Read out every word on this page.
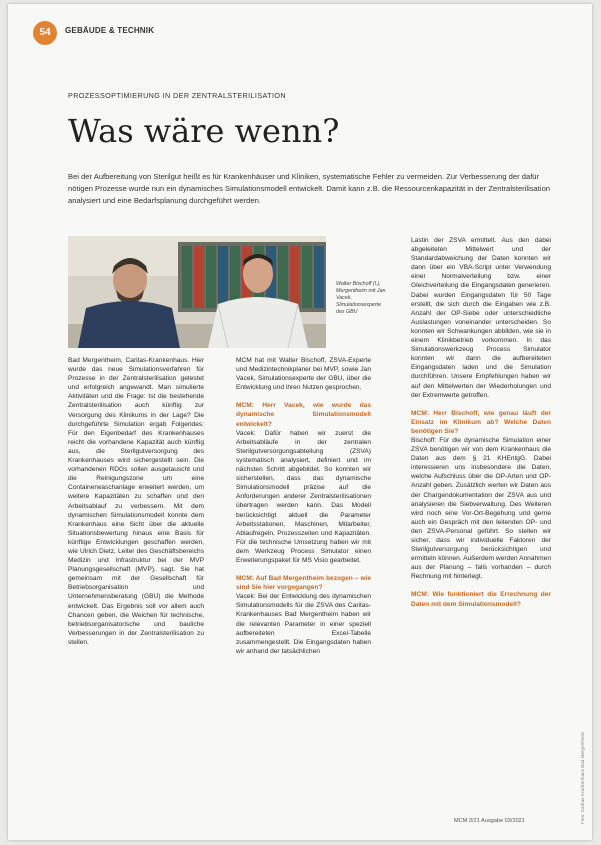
54	GEBÄUDE & TECHNIK
PROZESSOPTIMIERUNG IN DER ZENTRALSTERILISATION
Was wäre wenn?
Bei der Aufbereitung von Sterilgut heißt es für Krankenhäuser und Kliniken, systematische Fehler zu vermeiden. Zur Verbesserung der dafür nötigen Prozesse wurde nun ein dynamisches Simulationsmodell entwickelt. Damit kann z.B. die Ressourcenkapazität in der Zentralsterilisation analysiert und eine Bedarfsplanung durchgeführt werden.
Walter Bischoff (l.), Mergentheim mit Jan Vacek, Simulationsexperte des GBU

Bad Mergentheim, Caritas-Krankenhaus. Hier wurde das neue Simulationsverfahren für Prozesse in der Zentralsterilisation getestet und erfolgreich angewandt. Man simulierte Aktivitäten und die Frage: Ist die bestehende Zentralsterilisation auch künftig zur Versorgung des Klinikums in der Lage? Die durchgeführte Simulation ergab Folgendes: Für den Eigenbedarf des Krankenhauses reicht die vorhandene Kapazität auch künftig aus, die Sterilgutversorgung des Krankenhauses wird sichergestellt sein. Die vorhandenen RDGs sollen ausgetauscht und die Reinigungszone um eine Containerwaschanlage erweitert werden, um weitere Kapazitäten zu schaffen und den Arbeitsablauf zu verbessern. Mit dem dynamischen Simulationsmodell konnte dem Krankenhaus eine Sicht über die aktuelle Situationsbewertung hinaus eine Basis für künftige Entwicklungen geschaffen werden, wie Ulrich Dietz, Leiter des Geschäftsbereichs Medizin und Infrastruktur bei der MVP Planungsgesellschaft (MVP), sagt. Sie hat gemeinsam mit der Gesellschaft für Betriebsorganisation und Unternehmensberatung (GBU) die Methode entwickelt. Das Ergebnis soll vor allem auch Chancen geben, die Weichen für technische, betriebsorganisatorische und bauliche Verbesserungen in der Zentralsterilisation zu stellen.

MCM hat mit Walter Bischoff, ZSVA-Experte und Medizintechnikplaner bei MVP, sowie Jan Vacek, Simulationsexperte der GBU, über die Entwicklung und ihren Nutzen gesprochen.

MCM: Herr Vacek, wie wurde das dynamische Simulationsmodell entwickelt?

Vacek: Dafür haben wir zuerst die Arbeitsabläufe in der zentralen Sterilgutversorgungsabteilung (ZSVA) systematisch analysiert, definiert und im nächsten Schritt abgebildet. So konnten wir sicherstellen, dass das dynamische Simulationsmodell präzise auf die Anforderungen anderer Zentralsterilisationen übertragen werden kann. Das Modell berücksichtigt aktuell die Parameter Arbeitsstationen, Maschinen, Mitarbeiter, Ablaufregeln, Prozesszeiten und Kapazitäten. Für die technische Umsetzung haben wir mit dem Werkzeug Process Simulator einen Erweiterungspaket für MS Visio gearbeitet.

MCM: Auf Bad Mergentheim bezogen – wie sind Sie hier vorgegangen?

Vacek: Bei der Entwicklung des dynamischen Simulationsmodells für die ZSVA des Caritas-Krankenhauses Bad Mergentheim haben wir die relevanten Parameter in einer speziell aufbereiteten Excel-Tabelle zusammengestellt. Die Eingangsdaten haben wir anhand der tatsächlichen

Lastin der ZSVA ermittelt. Aus den dabei abgeleiteten Mittelwert und der Standardabweichung der Daten konnten wir dann über ein VBA-Script unter Verwendung einer Normalverteilung bzw. einer Gleichverteilung die Eingangsdaten generieren. Dabei wurden Eingangsdaten für 50 Tage erstellt, die sich durch die Eingaben wie z.B. Anzahl der OP-Siebe oder unterschiedliche Auslastungen voneinander unterscheiden. So konnten wir Schwankungen abbilden, wie sie in einem Klinikbetrieb vorkommen. In das Simulationswerkzeug Process Simulator konnten wir dann die aufbereiteten Eingangsdaten laden und die Simulation durchführen. Unsere Empfehlungen haben wir auf den Mittelwerten der Wiederholungen und der Extremwerte getroffen.

MCM: Herr Bischoff, wie genau läuft der Einsatz im Klinikum ab? Welche Daten benötigen Sie?

Bischoff: Für die dynamische Simulation einer ZSVA benötigen wir von dem Krankenhaus die Daten aus dem § 21 KHEntgG. Dabei interessieren uns insbesondere die Daten, welche Aufschluss über die OP-Arten und OP-Anzahl geben. Zusätzlich werten wir Daten aus der Chargendokumentation der ZSVA aus und analysieren die Siebverwaltung. Des Weiteren wird noch eine Vor-Ort-Begehung und gerne auch ein Gespräch mit den leitenden OP- und den ZSVA-Personal geführt. So stellen wir sicher, dass wir individuelle Faktoren der Sterilgutversorgung berücksichtigen und ermitteln können. Außerdem werden Annahmen aus der Planung – falls vorhanden – durch Rechnung mit hinterlegt.

MCM: Wie funktioniert die Errechnung der Daten mit dem Simulationsmodell?

MCM 3/21 Ausgabe 03/2021	Foto: Caritas-Krankenhaus Bad Mergentheim
